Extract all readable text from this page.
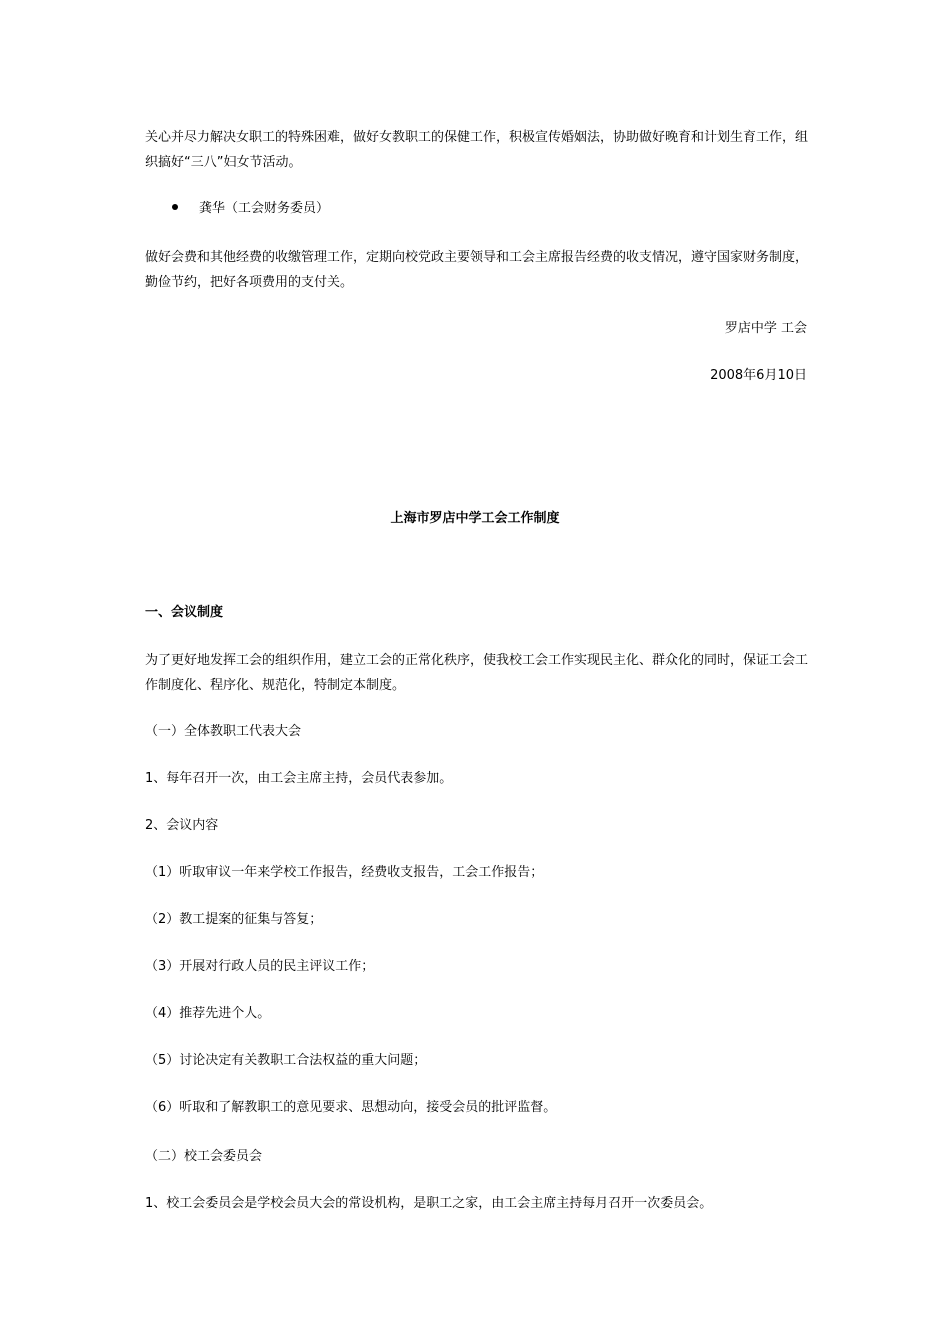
关心并尽力解决女职工的特殊困难，做好女教职工的保健工作，积极宣传婚姻法，协助做好晚育和计划生育工作，组织搞好“三八”妇女节活动。

龚华（工会财务委员）

做好会费和其他经费的收缴管理工作，定期向校党政主要领导和工会主席报告经费的收支情况，遵守国家财务制度，勤俭节约，把好各项费用的支付关。

罗店中学 工会

2008年6月10日

上海市罗店中学工会工作制度

一、会议制度

为了更好地发挥工会的组织作用，建立工会的正常化秩序，使我校工会工作实现民主化、群众化的同时，保证工会工作制度化、程序化、规范化，特制定本制度。

（一）全体教职工代表大会

1、每年召开一次，由工会主席主持，会员代表参加。

2、会议内容

（1）听取审议一年来学校工作报告，经费收支报告，工会工作报告；

（2）教工提案的征集与答复；

（3）开展对行政人员的民主评议工作；

（4）推荐先进个人。

（5）讨论决定有关教职工合法权益的重大问题；

（6）听取和了解教职工的意见要求、思想动向，接受会员的批评监督。

（二）校工会委员会

1、校工会委员会是学校会员大会的常设机构，是职工之家，由工会主席主持每月召开一次委员会。
